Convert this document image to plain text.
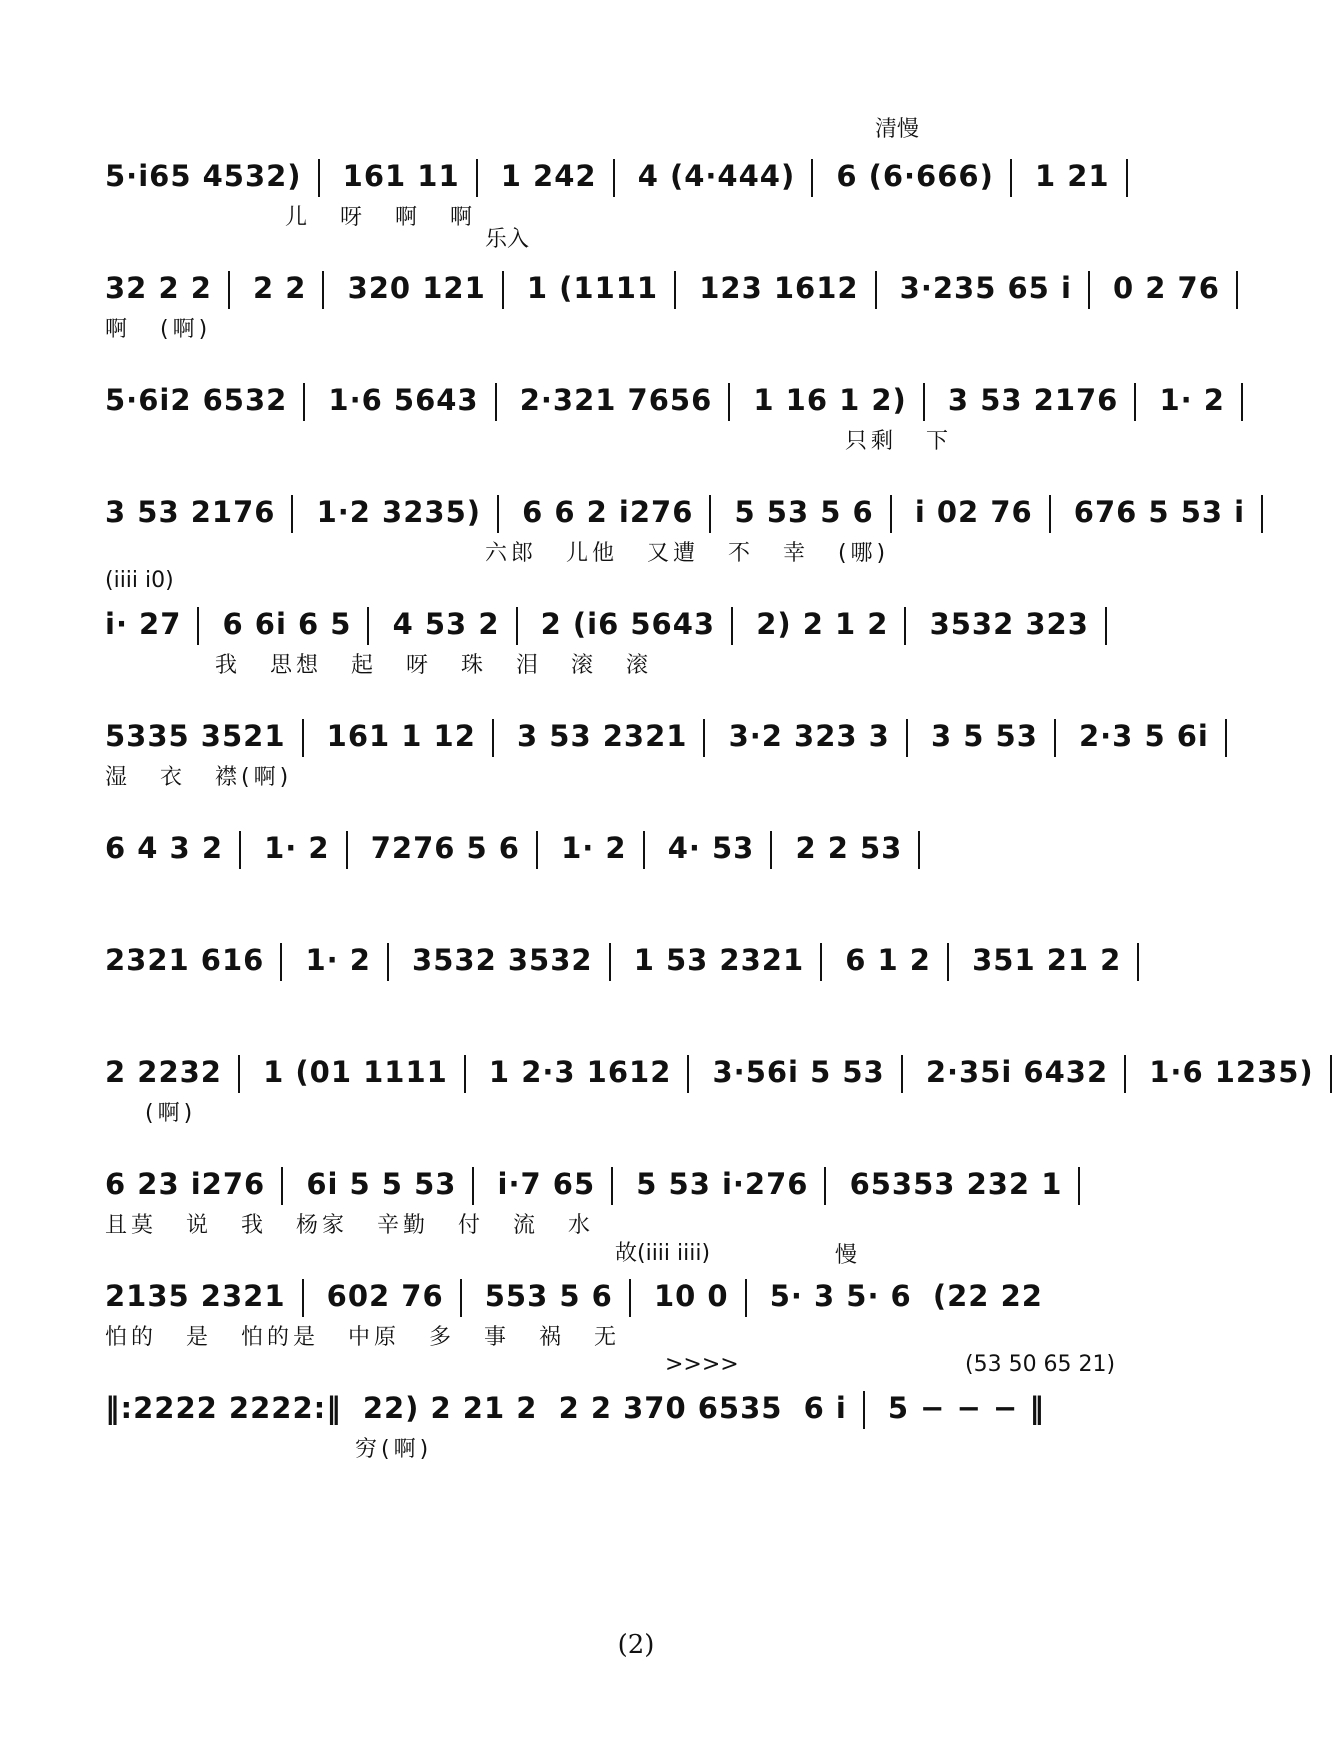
清慢
5·i65 4532) 161 11 1 242 4 (4·444) 6 (6·666) 1 21
儿 呀 啊 啊
乐入
32 2 2 2 2 320 121 1 (1111 123 1612 3·235 65 i 0 2 76
啊 (啊)
5·6i2 6532 1·6 5643 2·321 7656 1 16 1 2) 3 53 2176 1· 2
只剩 下
3 53 2176 1·2 3235) 6 6 2 i276 5 53 5 6 i 02 76 676 5 53 i
六郎 儿他 又遭 不 幸 (哪)
(iiii i0)
i· 27 6 6i 6 5 4 53 2 2 (i6 5643 2) 2 1 2 3532 323
我 思想 起 呀 珠 泪 滚 滚
5335 3521 161 1 12 3 53 2321 3·2 323 3 3 5 53 2·3 5 6i
湿 衣 襟(啊)
6 4 3 2 1· 2 7276 5 6 1· 2 4· 53 2 2 53
2321 616 1· 2 3532 3532 1 53 2321 6 1 2 351 21 2
2 2232 1 (01 1111 1 2·3 1612 3·56i 5 53 2·35i 6432 1·6 1235)
(啊)
6 23 i276 6i 5 5 53 i·7 65 5 53 i·276 65353 232 1
且莫 说 我 杨家 辛勤 付 流 水
故(iiii iiii)	慢
2135 2321 602 76 553 5 6 10 0 5· 3 5· 6 (22 22
怕的 是 怕的是 中原 多 事 祸 无
>>>>	(53 50 65 21)
‖:2222 2222:‖ 22) 2 21 2 2 2 370 6535 6 i 5 − − − ‖
穷(啊)
(2)
